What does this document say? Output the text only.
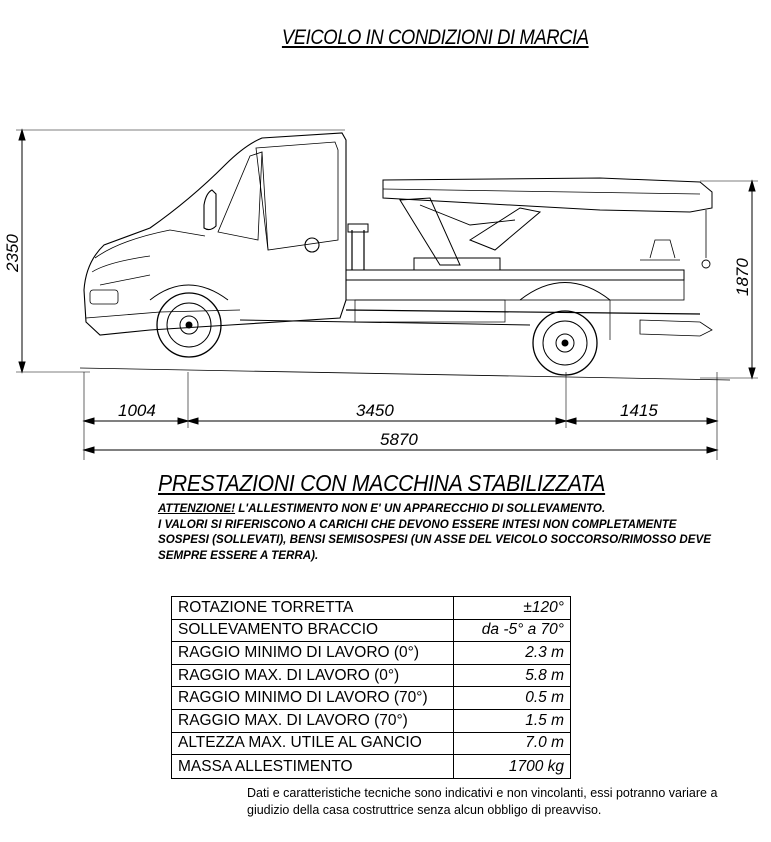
VEICOLO IN CONDIZIONI DI MARCIA
2350
1870
1004	3450	1415
5870
PRESTAZIONI CON MACCHINA STABILIZZATA
ATTENZIONE! L'ALLESTIMENTO NON E' UN APPARECCHIO DI SOLLEVAMENTO.
I VALORI SI RIFERISCONO A CARICHI CHE DEVONO ESSERE INTESI NON COMPLETAMENTE SOSPESI (SOLLEVATI), BENSI SEMISOSPESI (UN ASSE DEL VEICOLO SOCCORSO/RIMOSSO DEVE SEMPRE ESSERE A TERRA).
ROTAZIONE TORRETTA	±120°
SOLLEVAMENTO BRACCIO	da -5° a 70°
RAGGIO MINIMO DI LAVORO (0°)	2.3 m
RAGGIO MAX. DI LAVORO (0°)	5.8 m
RAGGIO MINIMO DI LAVORO (70°)	0.5 m
RAGGIO MAX. DI LAVORO (70°)	1.5 m
ALTEZZA MAX. UTILE AL GANCIO	7.0 m
MASSA ALLESTIMENTO	1700 kg
Dati e caratteristiche tecniche sono indicativi e non vincolanti, essi potranno variare a giudizio della casa costruttrice senza alcun obbligo di preavviso.
